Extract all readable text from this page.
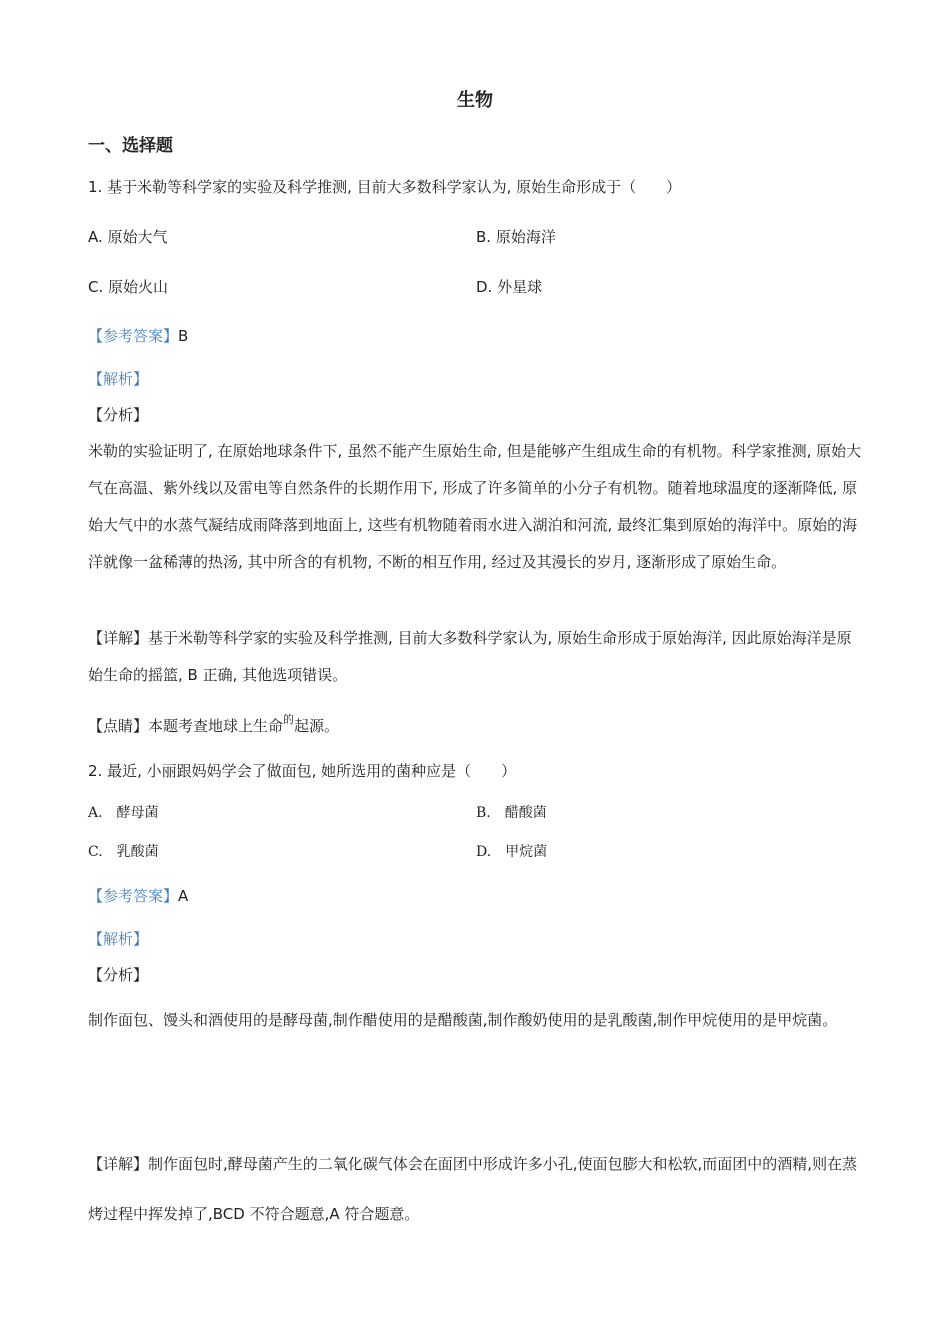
生物
一、选择题
1. 基于米勒等科学家的实验及科学推测, 目前大多数科学家认为, 原始生命形成于（　　）
A. 原始大气	B. 原始海洋
C. 原始火山	D. 外星球
【参考答案】B
【解析】
【分析】
米勒的实验证明了, 在原始地球条件下, 虽然不能产生原始生命, 但是能够产生组成生命的有机物。科学家推测, 原始大气在高温、紫外线以及雷电等自然条件的长期作用下, 形成了许多简单的小分子有机物。随着地球温度的逐渐降低, 原始大气中的水蒸气凝结成雨降落到地面上, 这些有机物随着雨水进入湖泊和河流, 最终汇集到原始的海洋中。原始的海洋就像一盆稀薄的热汤, 其中所含的有机物, 不断的相互作用, 经过及其漫长的岁月, 逐渐形成了原始生命。
【详解】基于米勒等科学家的实验及科学推测, 目前大多数科学家认为, 原始生命形成于原始海洋, 因此原始海洋是原始生命的摇篮, B 正确, 其他选项错误。
【点睛】本题考查地球上生命$^的$起源。
2. 最近, 小丽跟妈妈学会了做面包, 她所选用的菌种应是（　　）
A.　酵母菌	B.　醋酸菌
C.　乳酸菌	D.　甲烷菌
【参考答案】A
【解析】
【分析】
制作面包、馒头和酒使用的是酵母菌,制作醋使用的是醋酸菌,制作酸奶使用的是乳酸菌,制作甲烷使用的是甲烷菌。
【详解】制作面包时,酵母菌产生的二氧化碳气体会在面团中形成许多小孔,使面包膨大和松软,而面团中的酒精,则在蒸烤过程中挥发掉了,BCD 不符合题意,A 符合题意。
